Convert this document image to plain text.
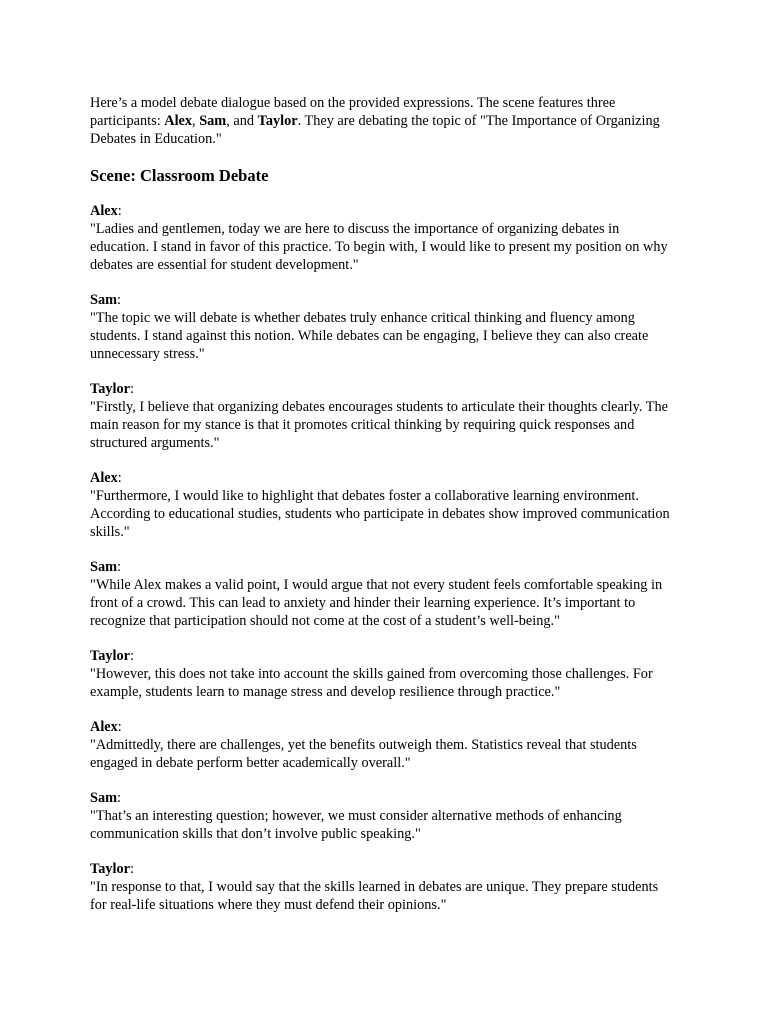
Here’s a model debate dialogue based on the provided expressions. The scene features three participants: Alex, Sam, and Taylor. They are debating the topic of "The Importance of Organizing Debates in Education."

Scene: Classroom Debate
Alex:
"Ladies and gentlemen, today we are here to discuss the importance of organizing debates in education. I stand in favor of this practice. To begin with, I would like to present my position on why debates are essential for student development."
Sam:
"The topic we will debate is whether debates truly enhance critical thinking and fluency among students. I stand against this notion. While debates can be engaging, I believe they can also create unnecessary stress."
Taylor:
"Firstly, I believe that organizing debates encourages students to articulate their thoughts clearly. The main reason for my stance is that it promotes critical thinking by requiring quick responses and structured arguments."
Alex:
"Furthermore, I would like to highlight that debates foster a collaborative learning environment. According to educational studies, students who participate in debates show improved communication skills."
Sam:
"While Alex makes a valid point, I would argue that not every student feels comfortable speaking in front of a crowd. This can lead to anxiety and hinder their learning experience. It’s important to recognize that participation should not come at the cost of a student’s well-being."
Taylor:
"However, this does not take into account the skills gained from overcoming those challenges. For example, students learn to manage stress and develop resilience through practice."
Alex:
"Admittedly, there are challenges, yet the benefits outweigh them. Statistics reveal that students engaged in debate perform better academically overall."
Sam:
"That’s an interesting question; however, we must consider alternative methods of enhancing communication skills that don’t involve public speaking."
Taylor:
"In response to that, I would say that the skills learned in debates are unique. They prepare students for real-life situations where they must defend their opinions."
